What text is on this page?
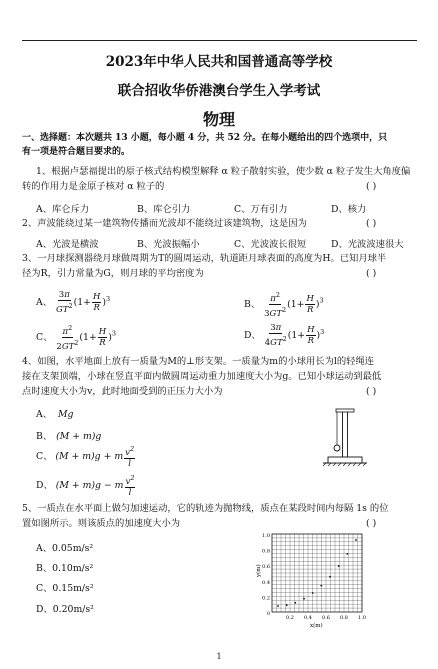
2023年中华人民共和国普通高等学校
联合招收华侨港澳台学生入学考试
物理
一、选择题：本次题共 13 小题，每小题 4 分，共 52 分。在每小题给出的四个选项中，只
有一项是符合题目要求的。
1、根据卢瑟福提出的原子核式结构模型解释 α 粒子散射实验，使少数 α 粒子发生大角度偏
转的作用力是金原子核对 α 粒子的	( )
A、库仑斥力	B、库仑引力	C、万有引力	D、核力
2、声波能绕过某一建筑物传播而光波却不能绕过该建筑物，这是因为	( )
A、光波是横波	B、光波振幅小	C、光波波长很短	D、光波波速很大
3、一月球探测器绕月球做周期为T的圆周运动，轨道距月球表面的高度为H。已知月球半
径为R，引力常量为G，则月球的平均密度为	( )
A、 $\frac{3\pi}{GT^2} (1+ \frac{H}{R} )^3$
B、 $\frac{\pi^2}{3GT^2} (1+ \frac{H}{R} )^3$
C、 $\frac{\pi^2}{2GT^2} (1+ \frac{H}{R} )^3$	D、 $\frac{3\pi}{4GT^2} (1+ \frac{H}{R} )^3$
4、如图，水平地面上放有一质量为M的⊥形支架。一质量为m的小球用长为l的轻绳连
接在支架顶端，小球在竖直平面内做圆周运动重力加速度大小为g。已知小球运动到最低
点时速度大小为v，此时地面受到的正压力大小为	( )
A、 Mg
B、 (M + m)g
C、 (M + m)g + m $\frac{v^2}{l}$
D、 (M + m)g − m $\frac{v^2}{l}$
5、一质点在水平面上做匀加速运动，它的轨迹为抛物线，质点在某段时间内每隔 1s 的位
置如图所示。则该质点的加速度大小为	( )
A、0.05m/s²
B、0.10m/s²
C、0.15m/s²
D、0.20m/s²
y(m)
x(m)
1.0
0.8
0.6
0.4
0.2
0
0.2 0.4 0.6 0.8 1.0
1
